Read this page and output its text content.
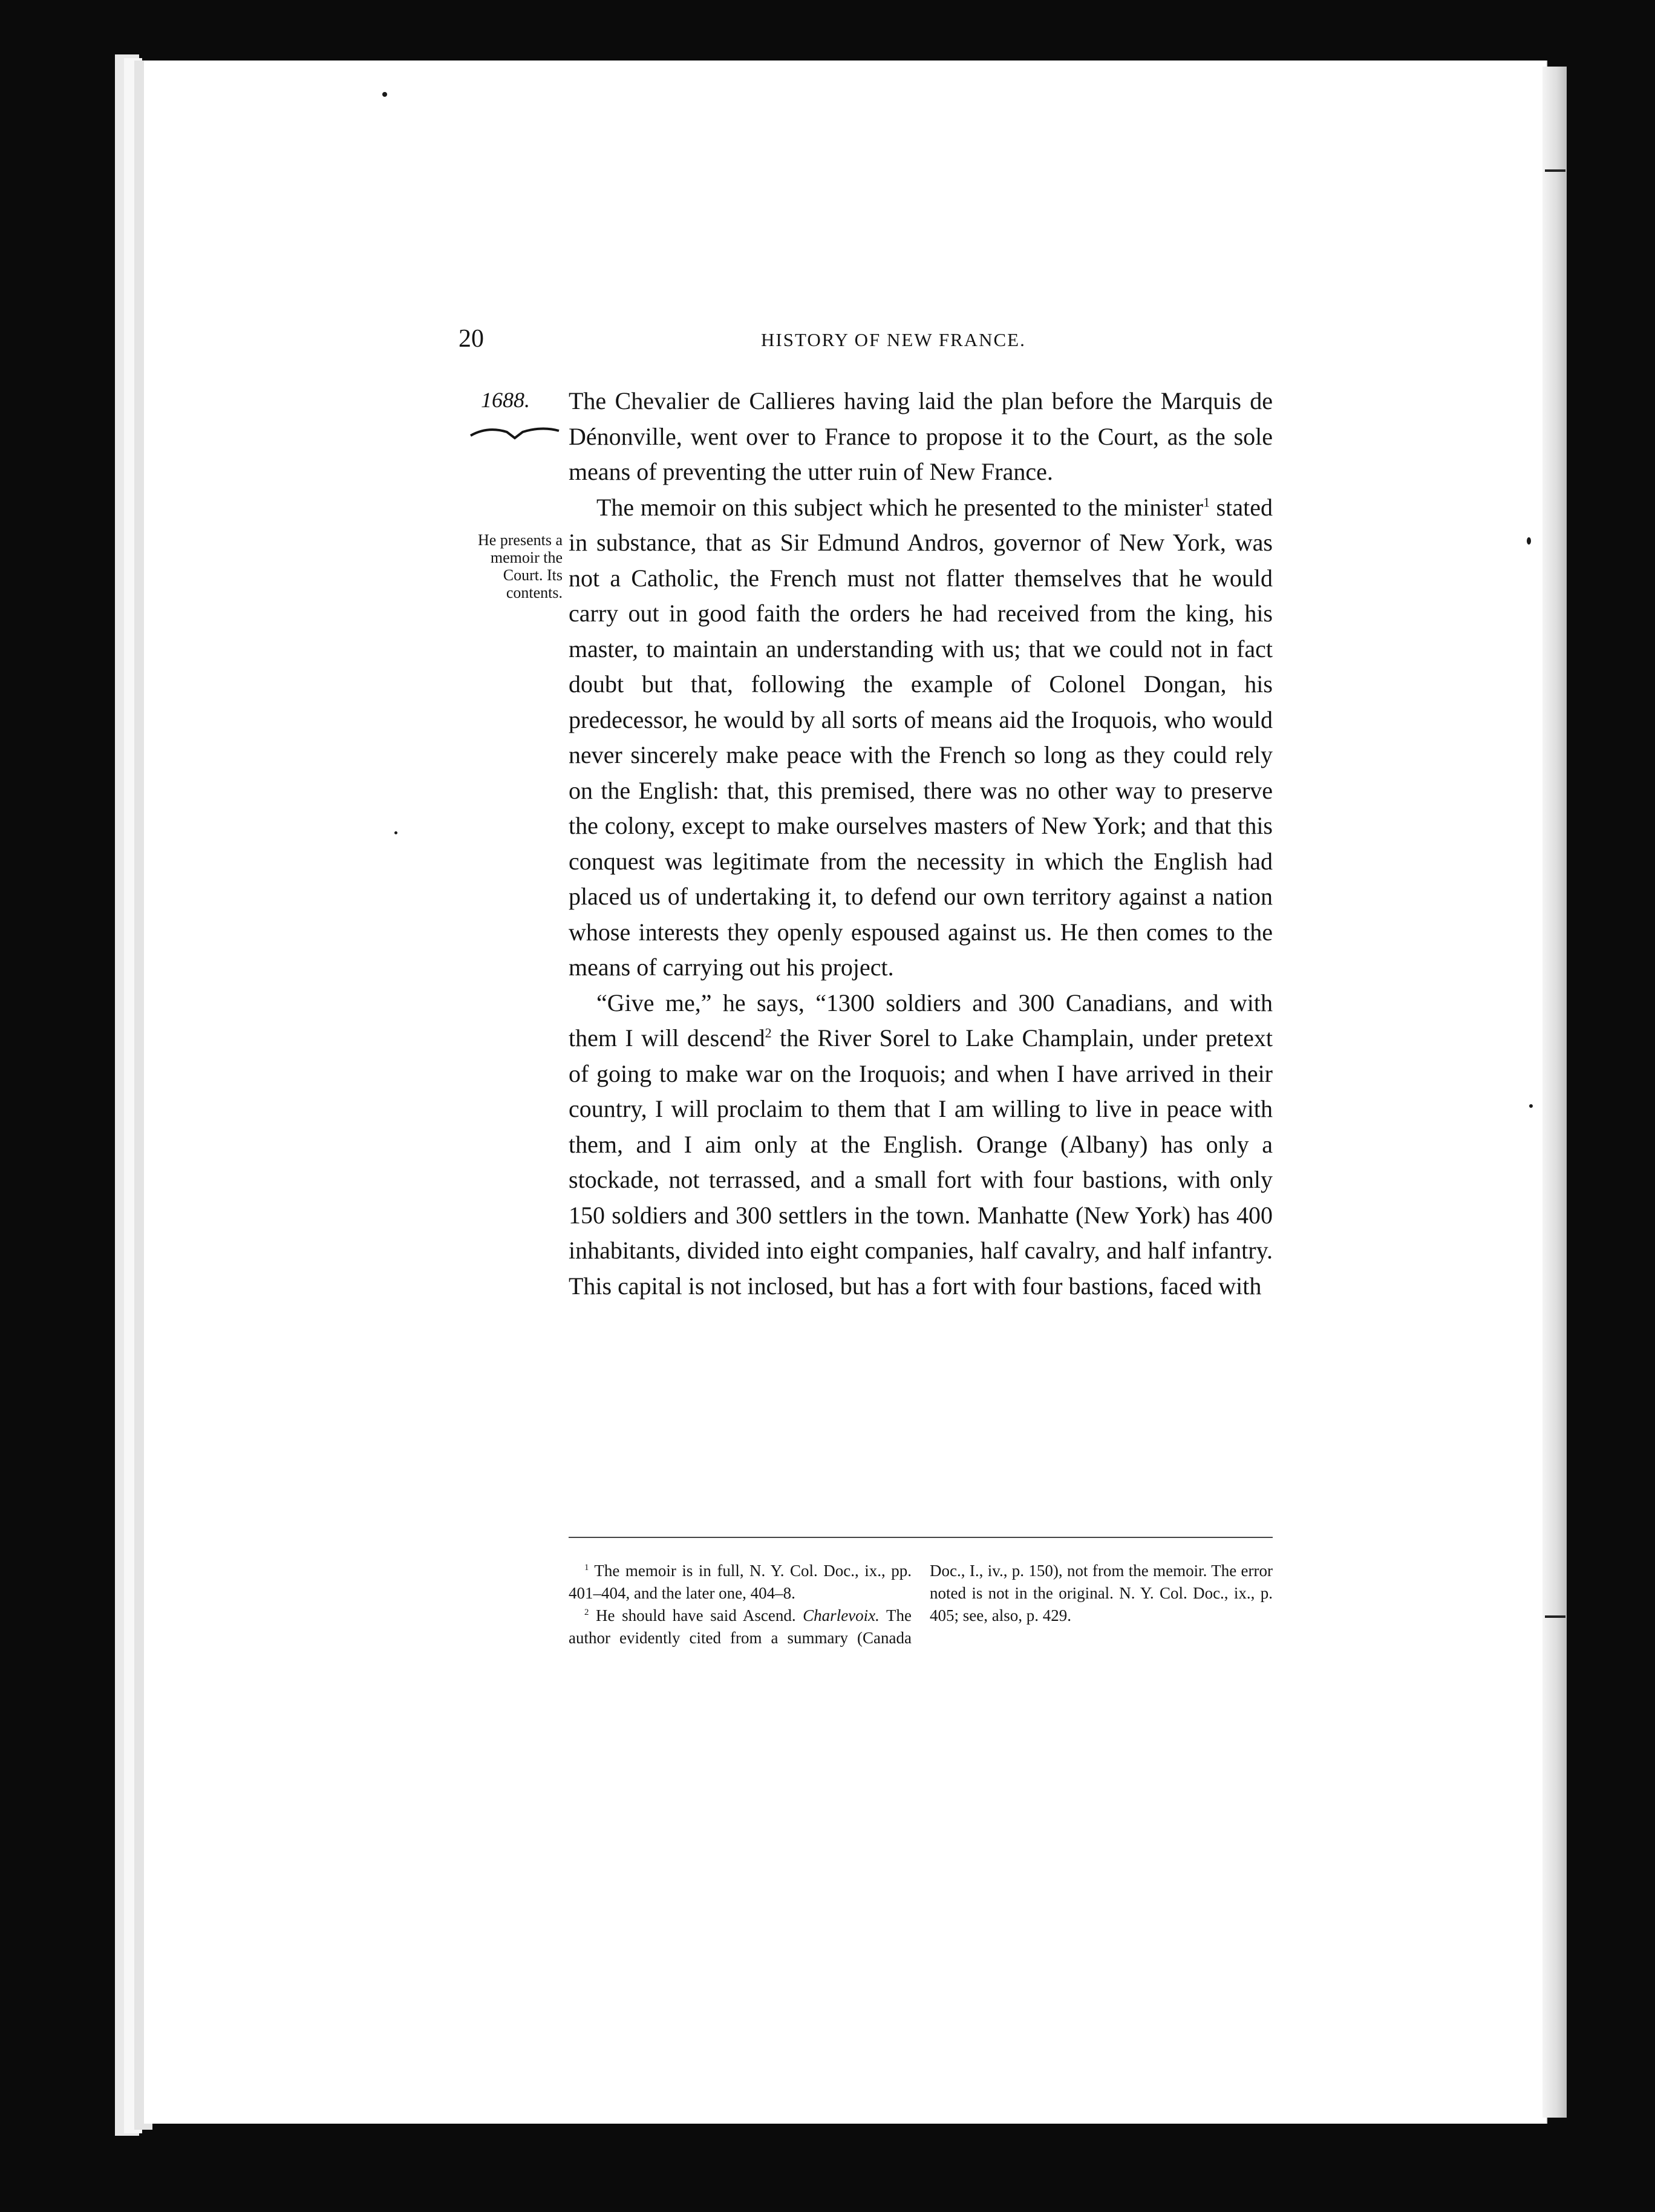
20	HISTORY OF NEW FRANCE.
1688.
He presents a memoir the Court. Its contents.

The Chevalier de Callieres having laid the plan before the Marquis de Dénonville, went over to France to propose it to the Court, as the sole means of preventing the utter ruin of New France.

The memoir on this subject which he presented to the minister$^1$ stated in substance, that as Sir Edmund Andros, governor of New York, was not a Catholic, the French must not flatter themselves that he would carry out in good faith the orders he had received from the king, his master, to maintain an understanding with us; that we could not in fact doubt but that, following the example of Colonel Dongan, his predecessor, he would by all sorts of means aid the Iroquois, who would never sincerely make peace with the French so long as they could rely on the English: that, this premised, there was no other way to preserve the colony, except to make ourselves masters of New York; and that this conquest was legitimate from the necessity in which the English had placed us of undertaking it, to defend our own territory against a nation whose interests they openly espoused against us. He then comes to the means of carrying out his project.

“Give me,” he says, “1300 soldiers and 300 Canadians, and with them I will descend$^2$ the River Sorel to Lake Champlain, under pretext of going to make war on the Iroquois; and when I have arrived in their country, I will proclaim to them that I am willing to live in peace with them, and I aim only at the English. Orange (Albany) has only a stockade, not terrassed, and a small fort with four bastions, with only 150 soldiers and 300 settlers in the town. Manhatte (New York) has 400 inhabitants, divided into eight companies, half cavalry, and half infantry. This capital is not inclosed, but has a fort with four bastions, faced with

$^1$ The memoir is in full, N. Y. Col. Doc., ix., pp. 401–404, and the later one, 404–8.

$^2$ He should have said Ascend. Charlevoix. The author evidently cited from a summary (Canada Doc., I., iv., p. 150), not from the memoir. The error noted is not in the original. N. Y. Col. Doc., ix., p. 405; see, also, p. 429.
